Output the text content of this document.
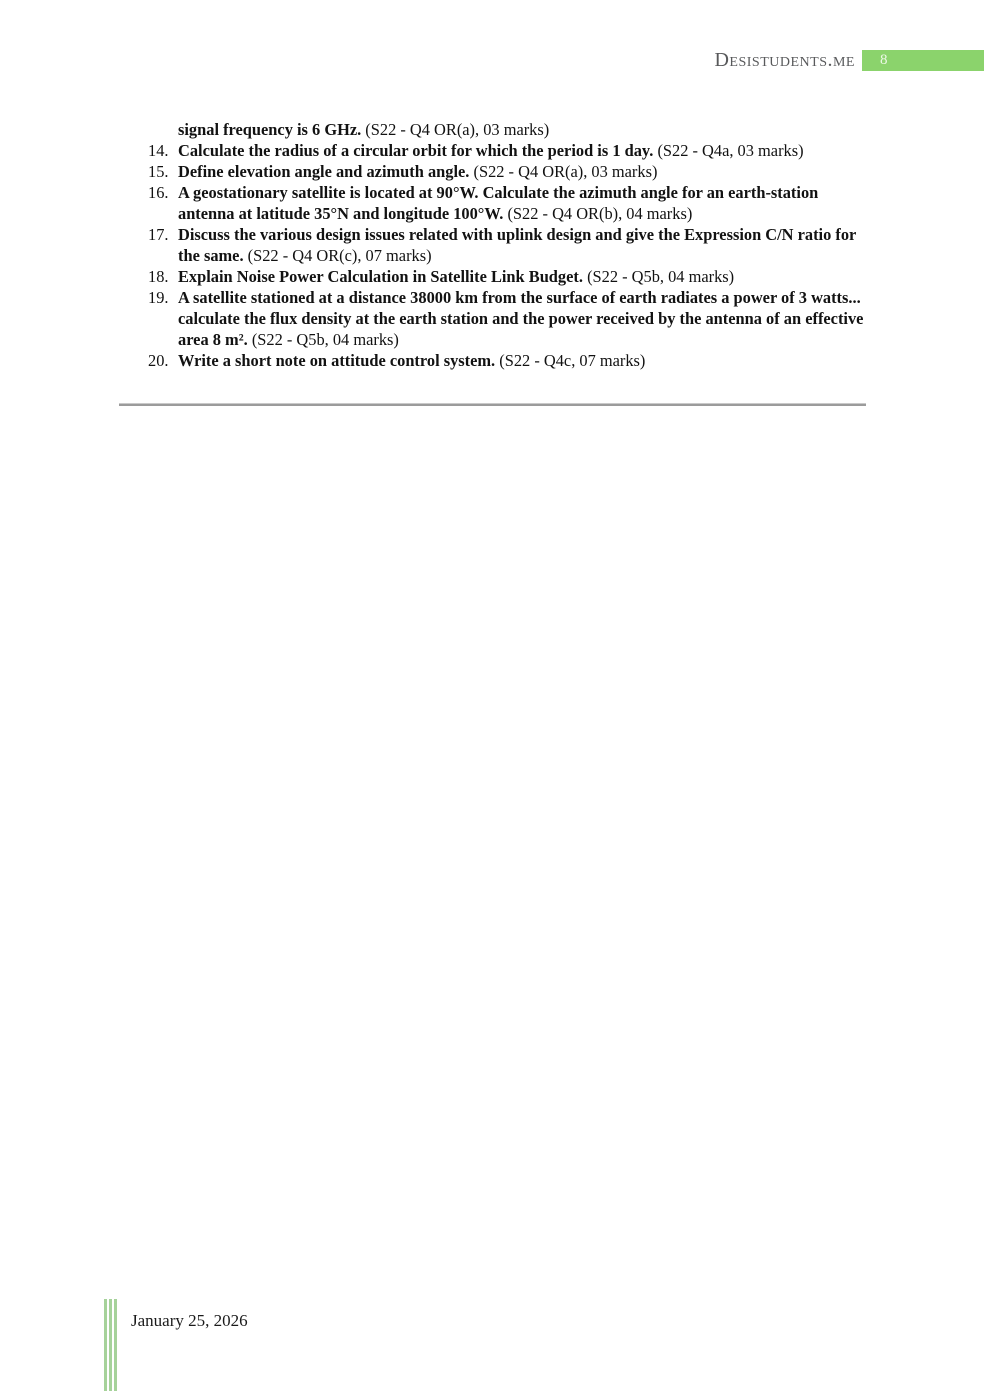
Desistudents.me 8
signal frequency is 6 GHz. (S22 - Q4 OR(a), 03 marks)
14. Calculate the radius of a circular orbit for which the period is 1 day. (S22 - Q4a, 03 marks)
15. Define elevation angle and azimuth angle. (S22 - Q4 OR(a), 03 marks)
16. A geostationary satellite is located at 90°W. Calculate the azimuth angle for an earth-station antenna at latitude 35°N and longitude 100°W. (S22 - Q4 OR(b), 04 marks)
17. Discuss the various design issues related with uplink design and give the Expression C/N ratio for the same. (S22 - Q4 OR(c), 07 marks)
18. Explain Noise Power Calculation in Satellite Link Budget. (S22 - Q5b, 04 marks)
19. A satellite stationed at a distance 38000 km from the surface of earth radiates a power of 3 watts... calculate the flux density at the earth station and the power received by the antenna of an effective area 8 m². (S22 - Q5b, 04 marks)
20. Write a short note on attitude control system. (S22 - Q4c, 07 marks)
January 25, 2026
